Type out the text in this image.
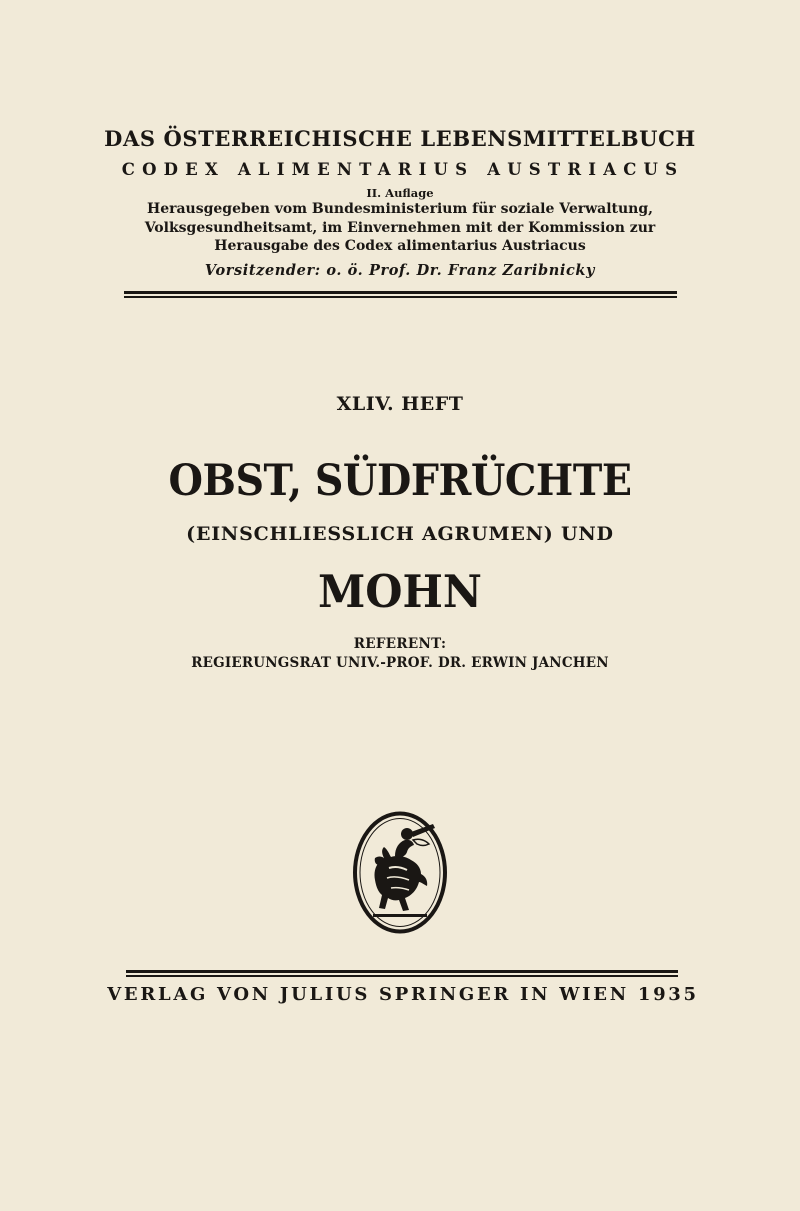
DAS ÖSTERREICHISCHE LEBENSMITTELBUCH
CODEX ALIMENTARIUS AUSTRIACUS
II. Auflage
Herausgegeben vom Bundesministerium für soziale Verwaltung,
Volksgesundheitsamt, im Einvernehmen mit der Kommission zur
Herausgabe des Codex alimentarius Austriacus
Vorsitzender: o. ö. Prof. Dr. Franz Zaribnicky
XLIV. HEFT
OBST, SÜDFRÜCHTE
(EINSCHLIESSLICH AGRUMEN) UND
MOHN
REFERENT:
REGIERUNGSRAT UNIV.-PROF. DR. ERWIN JANCHEN
VERLAG VON JULIUS SPRINGER IN WIEN 1935
